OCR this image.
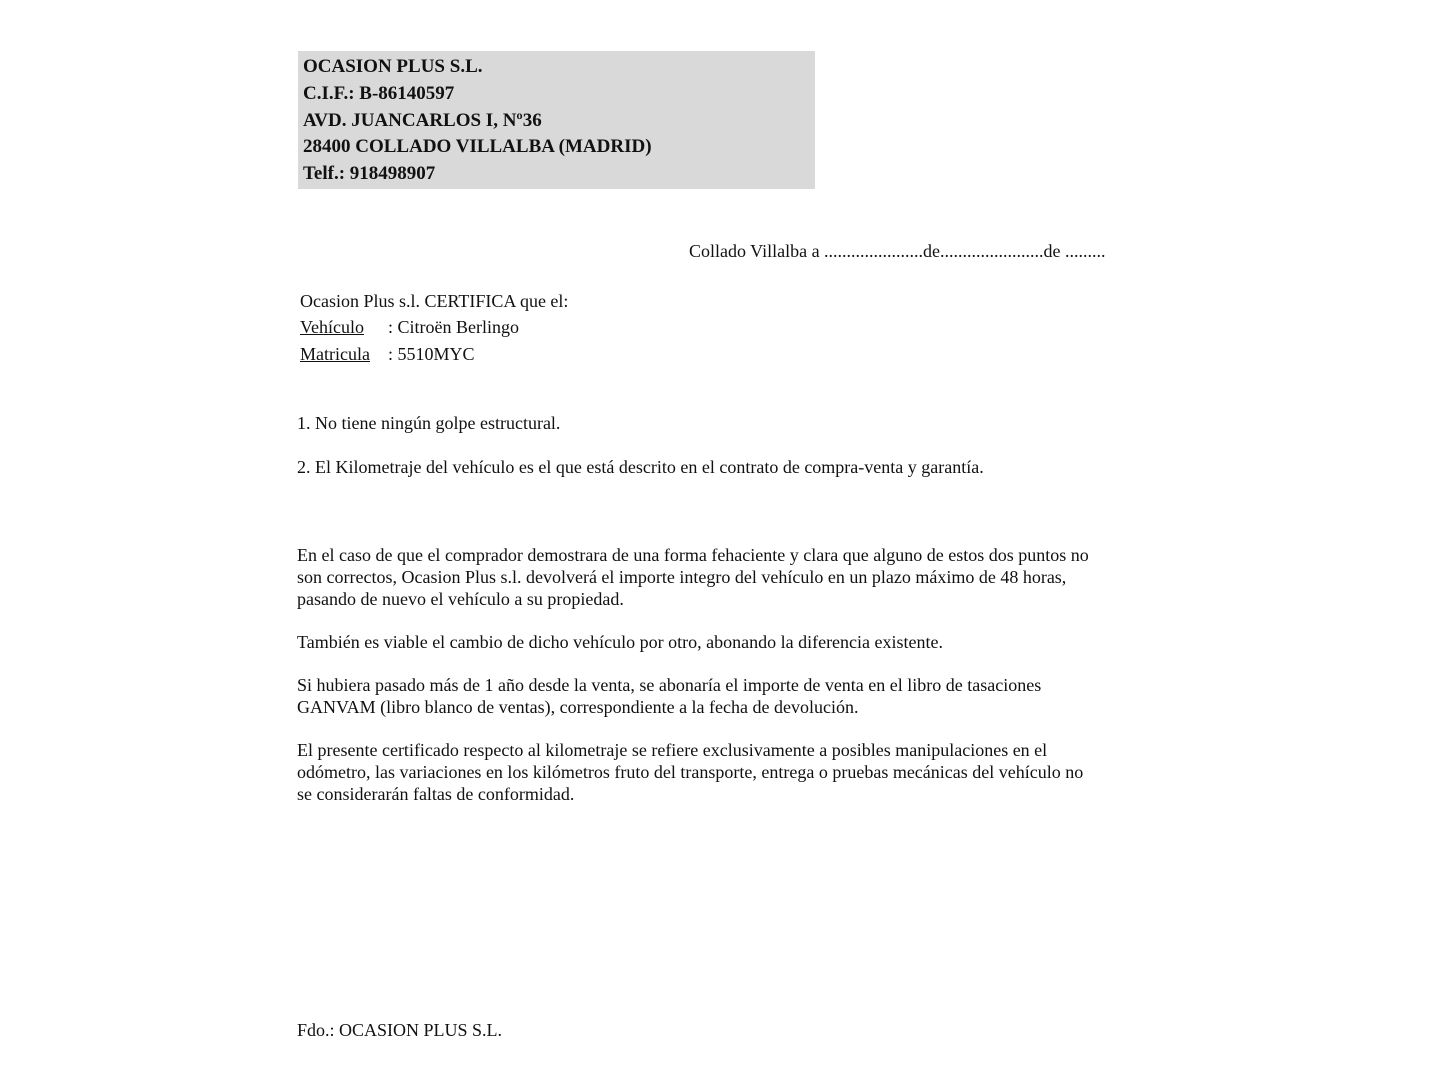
OCASION PLUS S.L.
C.I.F.: B-86140597
AVD. JUANCARLOS I, Nº36
28400 COLLADO VILLALBA (MADRID)
Telf.: 918498907
Collado Villalba a ......................de.......................de .........
Ocasion Plus s.l. CERTIFICA que el:
Vehículo : Citroën Berlingo
Matricula : 5510MYC
1. No tiene ningún golpe estructural.
2. El Kilometraje del vehículo es el que está descrito en el contrato de compra-venta y garantía.
En el caso de que el comprador demostrara de una forma fehaciente y clara que alguno de estos dos puntos no
son correctos, Ocasion Plus s.l. devolverá el importe integro del vehículo en un plazo máximo de 48 horas,
pasando de nuevo el vehículo a su propiedad.
También es viable el cambio de dicho vehículo por otro, abonando la diferencia existente.
Si hubiera pasado más de 1 año desde la venta, se abonaría el importe de venta en el libro de tasaciones
GANVAM (libro blanco de ventas), correspondiente a la fecha de devolución.
El presente certificado respecto al kilometraje se refiere exclusivamente a posibles manipulaciones en el
odómetro, las variaciones en los kilómetros fruto del transporte, entrega o pruebas mecánicas del vehículo no
se considerarán faltas de conformidad.
Fdo.: OCASION PLUS S.L.
